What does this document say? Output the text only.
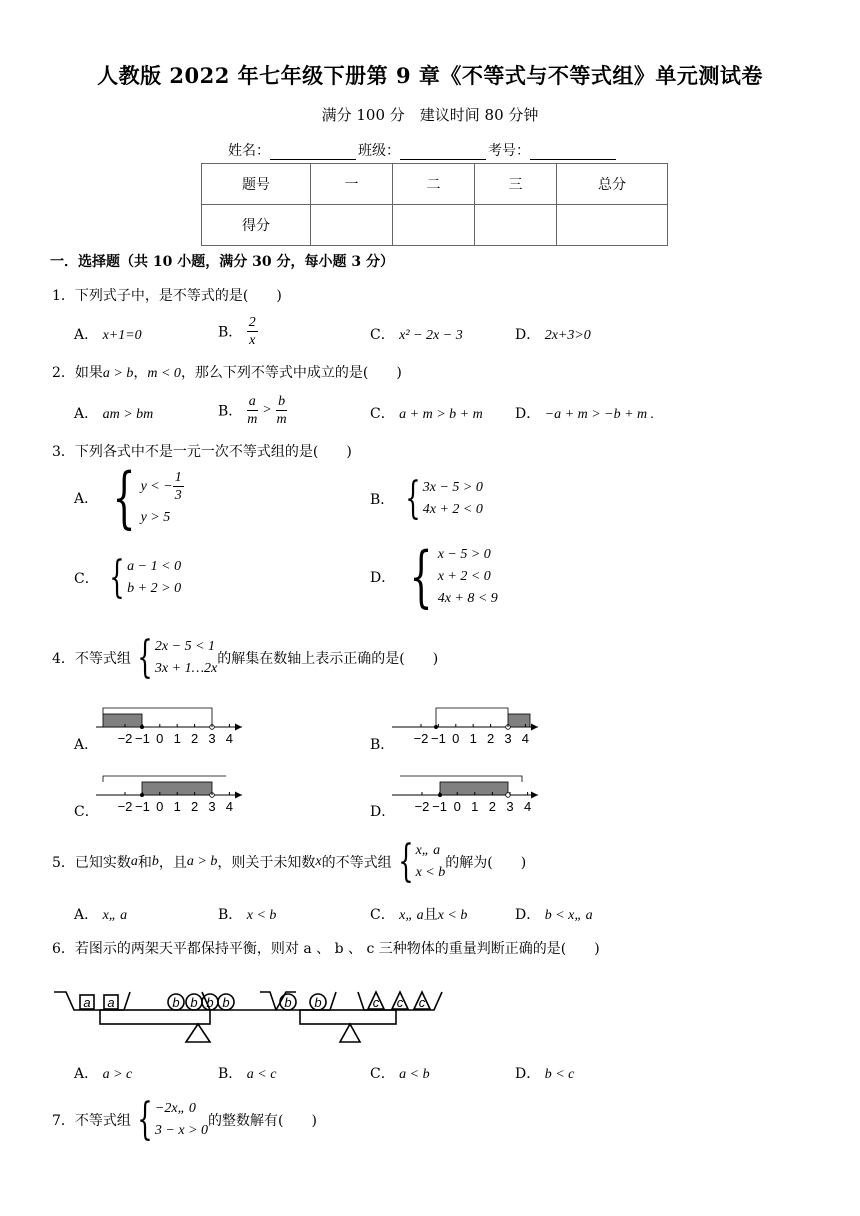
人教版 2022 年七年级下册第 9 章《不等式与不等式组》单元测试卷
满分 100 分　建议时间 80 分钟
姓名：	班级：	考号：
题号	一	二	三	总分
得分				
一．选择题（共 10 小题，满分 30 分，每小题 3 分）
1．下列式子中，是不等式的是(　　)
A． x+1=0	B． $\frac{2}{x}$	C． x² − 2x − 3	D． 2x+3>0
2．如果a > b，m < 0，那么下列不等式中成立的是(　　)
A． am > bm	B． $\frac{a}{m} > \frac{b}{m}$	C． a + m > b + m D． −a + m > −b + m .
3．下列各式中不是一元一次不等式组的是(　　)
A．
{ y < − $\frac{1}{3}$
y > 5
B．
{ 3x − 5 > 0
4x + 2 < 0
C．
{ a − 1 < 0
b + 2 > 0
D．
{ x − 5 > 0
x + 2 < 0
4x + 8 < 9
4．不等式组 { 2x − 5 < 1
3x + 1…2x
的解集在数轴上表示正确的是(　　)
A．	B．
C．	D．
−2 −1 0 1 2 3 4	−2 −1 0 1 2 3 4
−2 −1 0 1 2 3 4	−2 −1 0 1 2 3 4
5．已知实数 a 和 b ，且 a > b ，则关于未知数 x 的不等式组 { x„ a
x < b
的解为(　　)
A． x„ a	B． x < b	C． x„ a且x < b	D． b < x„ a
6．若图示的两架天平都保持平衡，则对 a 、 b 、 c 三种物体的重量判断正确的是(　　)
a a	b b b b	b b	c c c
A． a > c	B． a < c	C． a < b	D． b < c
7．不等式组 { −2x„ 0
3 − x > 0
的整数解有(　　)
